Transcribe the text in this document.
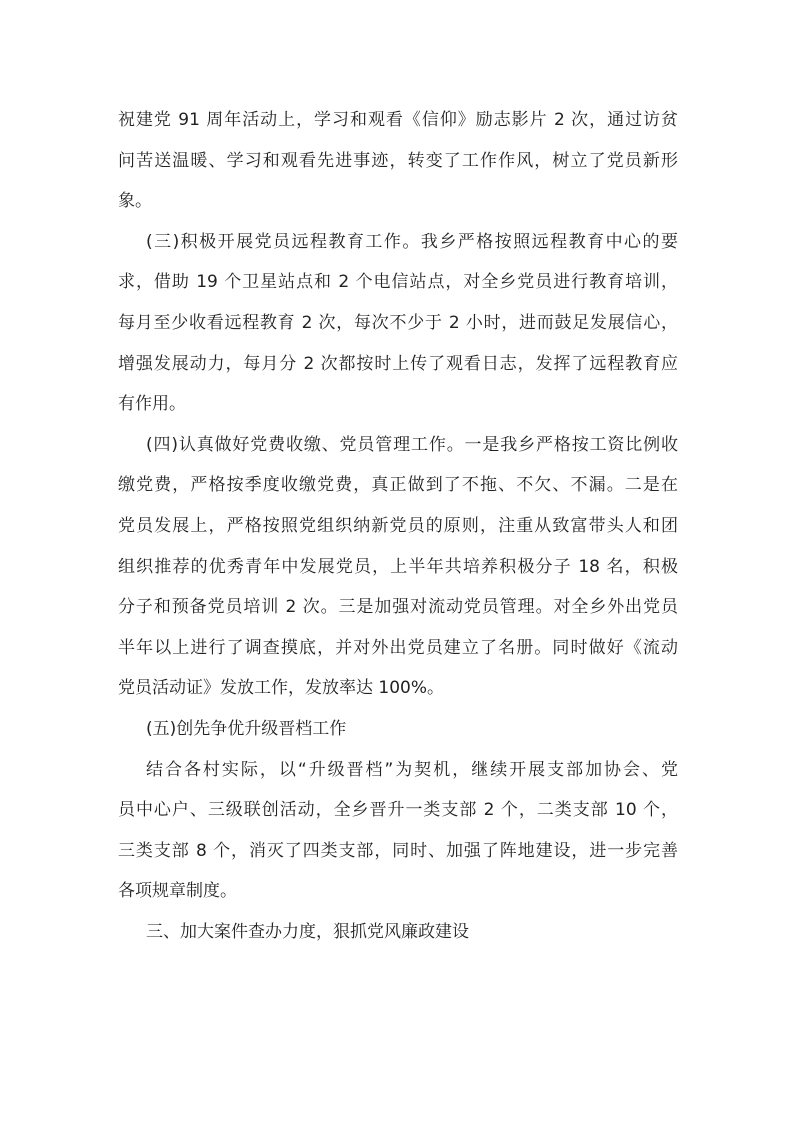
祝建党 91 周年活动上，学习和观看《信仰》励志影片 2 次，通过访贫
问苦送温暖、学习和观看先进事迹，转变了工作作风，树立了党员新形
象。
(三)积极开展党员远程教育工作。我乡严格按照远程教育中心的要
求，借助 19 个卫星站点和 2 个电信站点，对全乡党员进行教育培训，
每月至少收看远程教育 2 次，每次不少于 2 小时，进而鼓足发展信心，
增强发展动力，每月分 2 次都按时上传了观看日志，发挥了远程教育应
有作用。
(四)认真做好党费收缴、党员管理工作。一是我乡严格按工资比例收
缴党费，严格按季度收缴党费，真正做到了不拖、不欠、不漏。二是在
党员发展上，严格按照党组织纳新党员的原则，注重从致富带头人和团
组织推荐的优秀青年中发展党员，上半年共培养积极分子 18 名，积极
分子和预备党员培训 2 次。三是加强对流动党员管理。对全乡外出党员
半年以上进行了调查摸底，并对外出党员建立了名册。同时做好《流动
党员活动证》发放工作，发放率达 100%。
(五)创先争优升级晋档工作
结合各村实际，以“升级晋档”为契机，继续开展支部加协会、党
员中心户、三级联创活动，全乡晋升一类支部 2 个，二类支部 10 个，
三类支部 8 个，消灭了四类支部，同时、加强了阵地建设，进一步完善
各项规章制度。
三、加大案件查办力度，狠抓党风廉政建设
